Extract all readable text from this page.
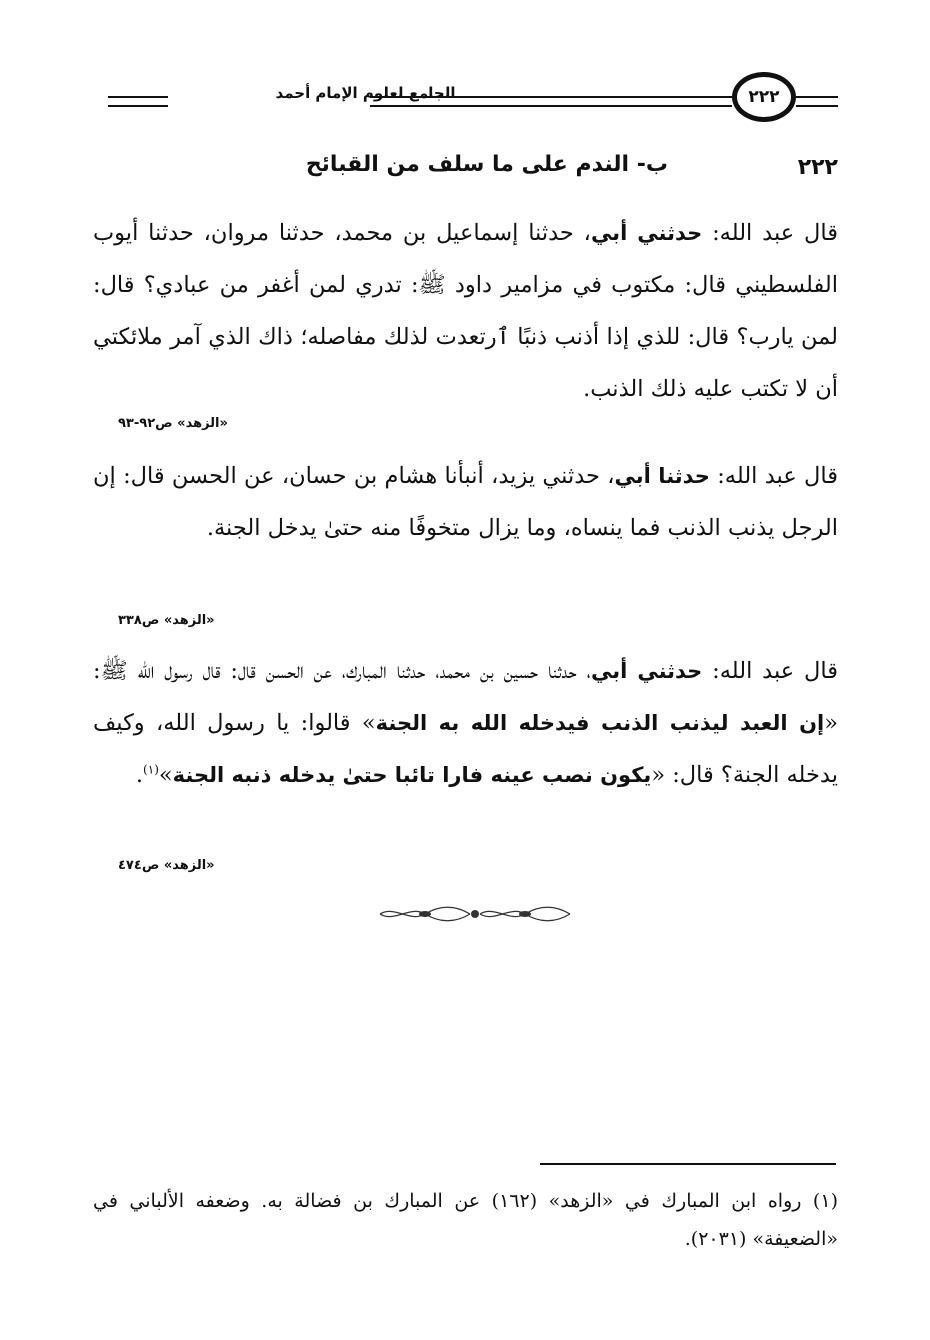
الجامع لعلوم الإمام أحمد	٢٢٢
٢٢٢
ب- الندم على ما سلف من القبائح
قال عبد الله: حدثني أبي، حدثنا إسماعيل بن محمد، حدثنا مروان، حدثنا أيوب الفلسطيني قال: مكتوب في مزامير داود ﷺ: تدري لمن أغفر من عبادي؟ قال: لمن يارب؟ قال: للذي إذا أذنب ذنبًا ٱرتعدت لذلك مفاصله؛ ذاك الذي آمر ملائكتي أن لا تكتب عليه ذلك الذنب.
«الزهد» ص٩٢-٩٣
قال عبد الله: حدثنا أبي، حدثني يزيد، أنبأنا هشام بن حسان، عن الحسن قال: إن الرجل يذنب الذنب فما ينساه، وما يزال متخوفًا منه حتىٰ يدخل الجنة.
«الزهد» ص٣٣٨
قال عبد الله: حدثني أبي، حدثنا حسين بن محمد، حدثنا المبارك، عن الحسن قال: قال رسول الله ﷺ: «إن العبد ليذنب الذنب فيدخله الله به الجنة» قالوا: يا رسول الله، وكيف يدخله الجنة؟ قال: «يكون نصب عينه فارا تائبا حتىٰ يدخله ذنبه الجنة»$^{(١)}$.
«الزهد» ص٤٧٤
(١) رواه ابن المبارك في «الزهد» (١٦٢) عن المبارك بن فضالة به. وضعفه الألباني في «الضعيفة» (٢٠٣١).
